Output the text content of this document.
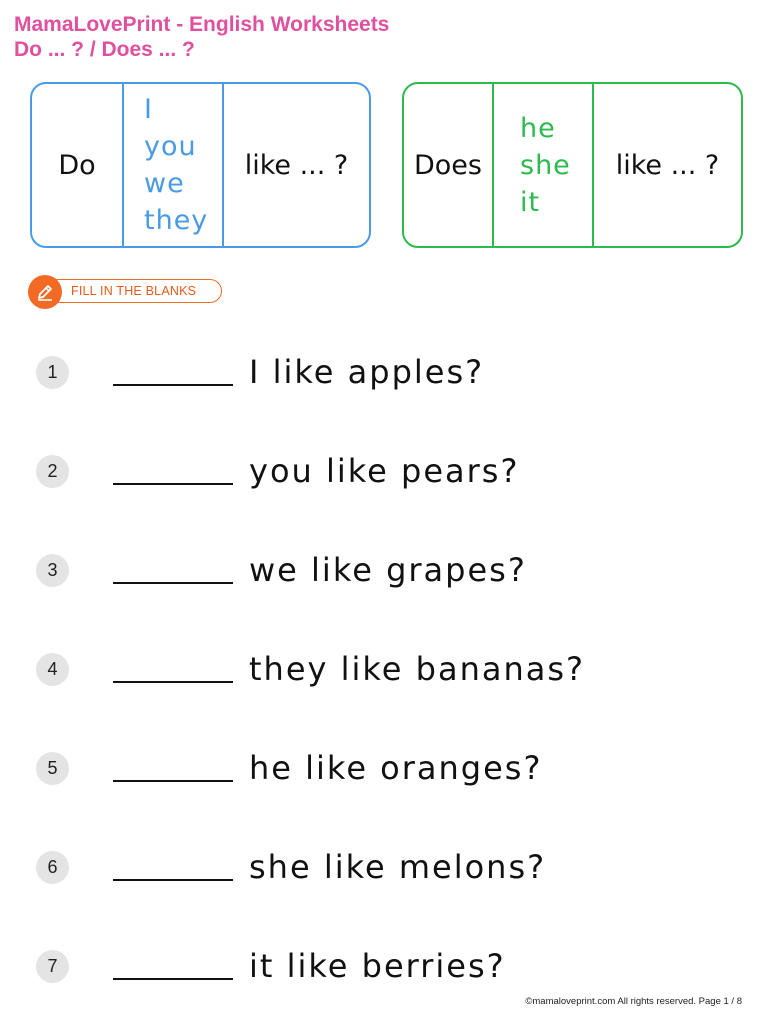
MamaLovePrint - English Worksheets
Do ... ? / Does ... ?
Do
I
you
we
they
like ... ?	Does
he
she
it
like ... ?
FILL IN THE BLANKS
1	I like apples?
2	you like pears?
3	we like grapes?
4	they like bananas?
5	he like oranges?
6	she like melons?
7	it like berries?
©mamaloveprint.com All rights reserved. Page 1 / 8
